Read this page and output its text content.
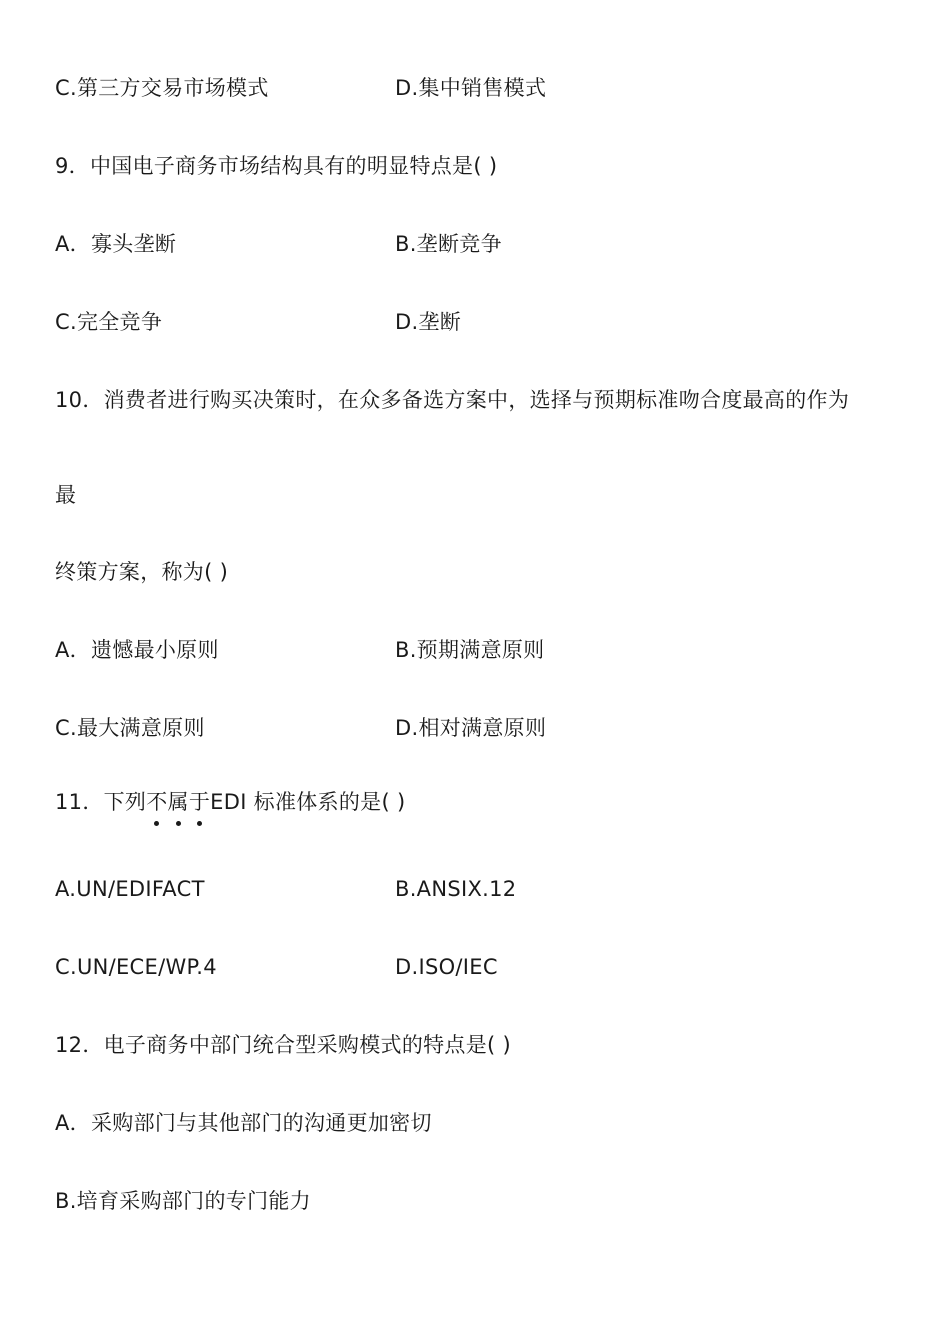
C.第三方交易市场模式	D.集中销售模式
9．中国电子商务市场结构具有的明显特点是( )
A．寡头垄断	B.垄断竞争
C.完全竞争	D.垄断
10．消费者进行购买决策时，在众多备选方案中，选择与预期标准吻合度最高的作为
最
终策方案，称为( )
A．遗憾最小原则	B.预期满意原则
C.最大满意原则	D.相对满意原则
11．下列不属于EDI 标准体系的是( )
A.UN/EDIFACT	B.ANSIX.12
C.UN/ECE/WP.4	D.ISO/IEC
12．电子商务中部门统合型采购模式的特点是( )
A．采购部门与其他部门的沟通更加密切
B.培育采购部门的专门能力
